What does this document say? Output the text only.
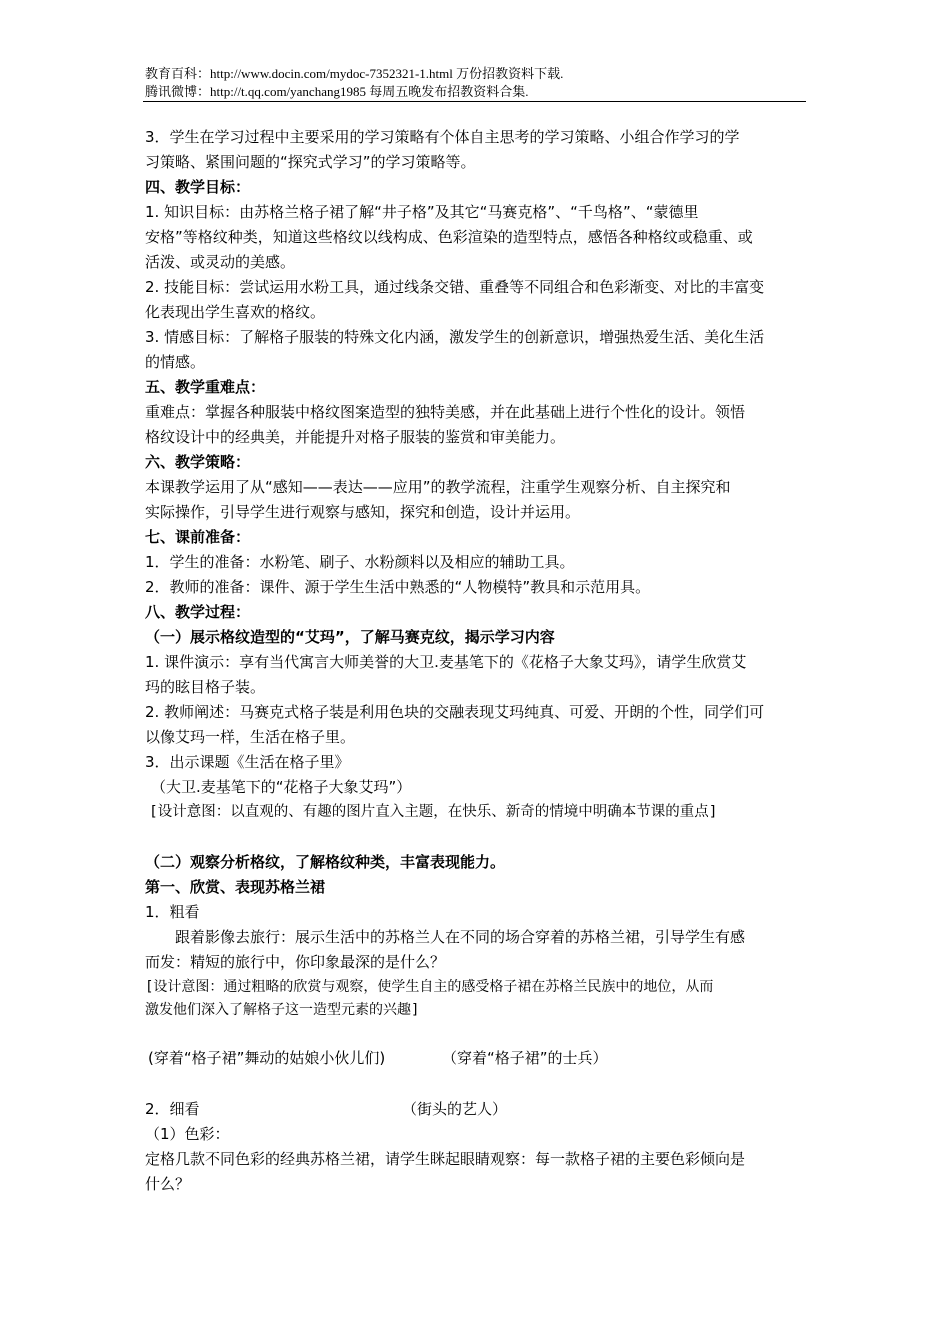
教育百科：http://www.docin.com/mydoc-7352321-1.html 万份招教资料下载.
腾讯微博：http://t.qq.com/yanchang1985 每周五晚发布招教资料合集.
3．学生在学习过程中主要采用的学习策略有个体自主思考的学习策略、小组合作学习的学
习策略、紧围问题的“探究式学习”的学习策略等。
四、教学目标：
1. 知识目标：由苏格兰格子裙了解“井子格”及其它“马赛克格”、“千鸟格”、“蒙德里
安格”等格纹种类，知道这些格纹以线构成、色彩渲染的造型特点，感悟各种格纹或稳重、或
活泼、或灵动的美感。
2. 技能目标：尝试运用水粉工具，通过线条交错、重叠等不同组合和色彩渐变、对比的丰富变
化表现出学生喜欢的格纹。
3. 情感目标：了解格子服装的特殊文化内涵，激发学生的创新意识，增强热爱生活、美化生活
的情感。
五、教学重难点：
重难点：掌握各种服装中格纹图案造型的独特美感，并在此基础上进行个性化的设计。领悟
格纹设计中的经典美，并能提升对格子服装的鉴赏和审美能力。
六、教学策略：
本课教学运用了从“感知——表达——应用”的教学流程，注重学生观察分析、自主探究和
实际操作，引导学生进行观察与感知，探究和创造，设计并运用。
七、课前准备：
1．学生的准备：水粉笔、刷子、水粉颜料以及相应的辅助工具。
2．教师的准备：课件、源于学生生活中熟悉的“人物模特”教具和示范用具。
八、教学过程：
（一）展示格纹造型的“艾玛”，了解马赛克纹，揭示学习内容
1. 课件演示：享有当代寓言大师美誉的大卫.麦基笔下的《花格子大象艾玛》，请学生欣赏艾
玛的眩目格子装。
2. 教师阐述：马赛克式格子装是利用色块的交融表现艾玛纯真、可爱、开朗的个性，同学们可
以像艾玛一样，生活在格子里。
3．出示课题《生活在格子里》
（大卫.麦基笔下的“花格子大象艾玛”）
[设计意图：以直观的、有趣的图片直入主题，在快乐、新奇的情境中明确本节课的重点]
（二）观察分析格纹，了解格纹种类，丰富表现能力。
第一、欣赏、表现苏格兰裙
1．粗看
跟着影像去旅行：展示生活中的苏格兰人在不同的场合穿着的苏格兰裙，引导学生有感
而发：精短的旅行中，你印象最深的是什么？
[设计意图：通过粗略的欣赏与观察，使学生自主的感受格子裙在苏格兰民族中的地位，从而
激发他们深入了解格子这一造型元素的兴趣]
(穿着“格子裙”舞动的姑娘小伙儿们)	（穿着“格子裙”的士兵）
2．细看	（街头的艺人）
（1）色彩：
定格几款不同色彩的经典苏格兰裙，请学生眯起眼睛观察：每一款格子裙的主要色彩倾向是
什么？
